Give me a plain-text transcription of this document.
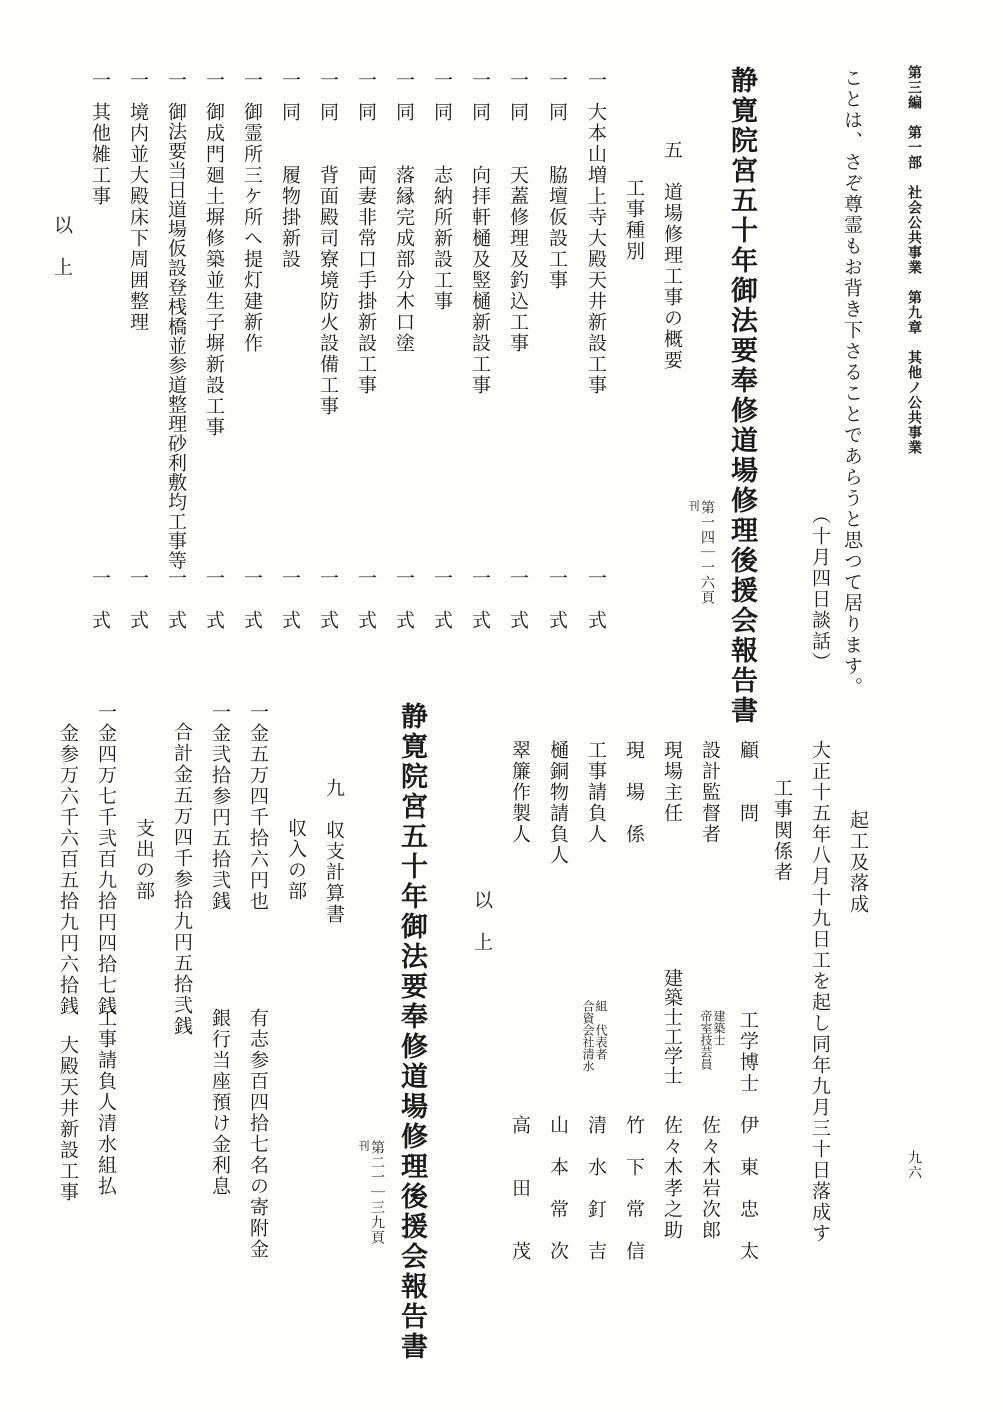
第三編　第一部　社会公共事業　第九章　其他ノ公共事業
九六
ことは、さぞ尊霊もお背き下さることであらうと思つて居ります。
（十月四日談話）
静寛院宮五十年御法要奉修道場修理後援会報告書
刊 第一四｜一六頁
五　道場修理工事の概要
工事種別
一
大本山増上寺大殿天井新設工事
一　式
一
同　　脇壇仮設工事
一　式
一
同　　天蓋修理及釣込工事
一　式
一
同　　向拝軒樋及竪樋新設工事
一　式
一
同　　志納所新設工事
一　式
一
同　　落縁完成部分木口塗
一　式
一
同　　両妻非常口手掛新設工事
一　式
一
同　　背面殿司寮境防火設備工事
一　式
一
同　　履物掛新設
一　式
一
御霊所三ケ所へ提灯建新作
一　式
一
御成門廻土塀修築並生子塀新設工事
一　式
一
御法要当日道場仮設登桟橋並参道整理砂利敷均工事等
一　式
一
境内並大殿床下周囲整理
一　式
一
其他雑工事
一　式
以　上
起工及落成
大正十五年八月十九日工を起し同年九月三十日落成す
工事関係者
顧　　問
工学博士
伊　東　忠　太
設計監督者
建築士
帝室技芸員
佐々木岩次郎
現場主任
建築士工学士
佐々木孝之助
現　場　係
竹　下　常　信
工事請負人
組　代表者
合資会社清水
清　水　釘　吉
樋銅物請負人
山　本　常　次
翠簾作製人
高　　田　　茂
以　上
静寛院宮五十年御法要奉修道場修理後援会報告書
刊 第二一｜三九頁
九　収支計算書
収入の部
一金五万四千拾六円也
有志参百四拾七名の寄附金
一金弐拾参円五拾弐銭
銀行当座預け金利息
合計金五万四千参拾九円五拾弐銭
支出の部
一金四万七千弐百九拾円四拾七銭
工事請負人清水組払
　金参万六千六百五拾九円六拾銭
大殿天井新設工事
